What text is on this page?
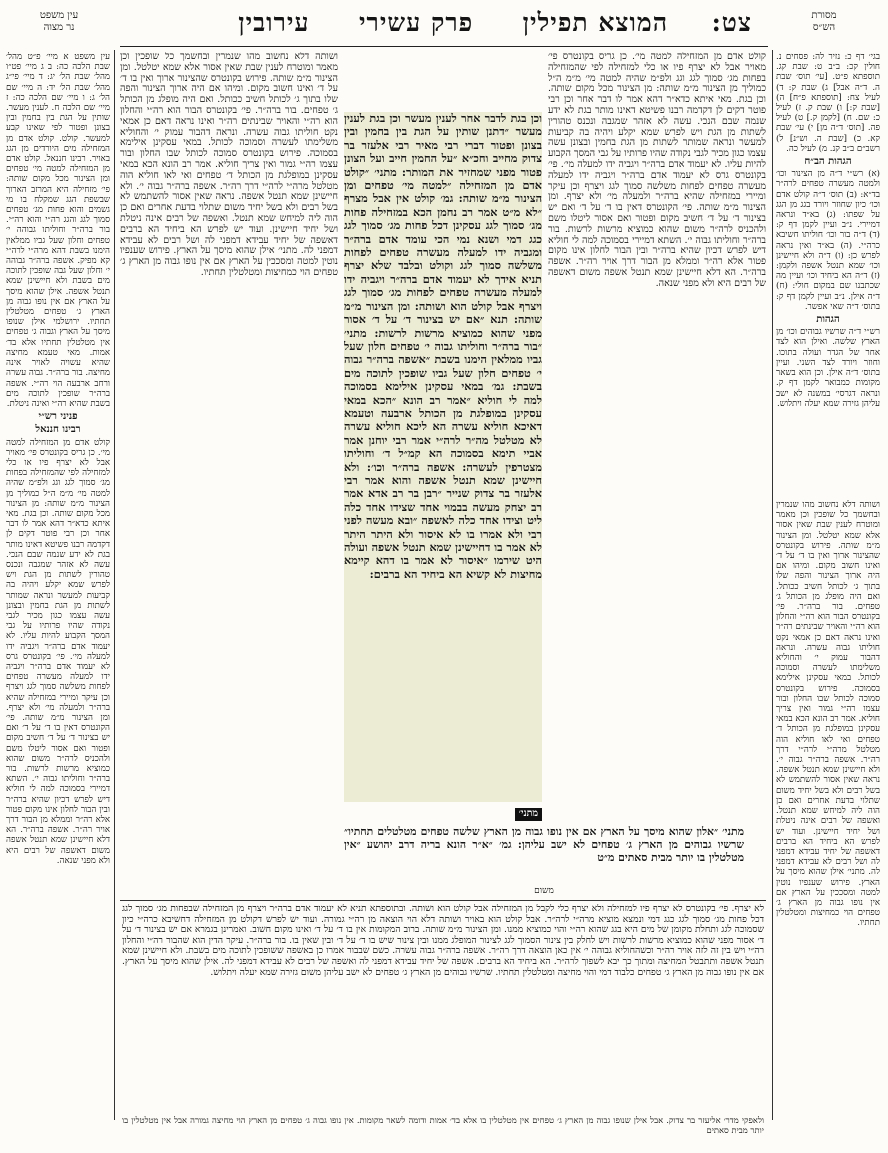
עין משפט
נר מצוה	צט:  המוצא תפילין  פרק עשירי  עירובין	מסורת
הש״ס
בגי׳ דף כ: נזיר לה: פסחים נ. חולין קכ: ב״ב ט: שבת קג. תוספתא פ״ט. [עי׳ תוס׳ שבת ה. ד״ה אבל] ג) שבת ק: ד) לעיל צח: [תוספתא פ״ח] ה) [שבת ק:] ו) שבת ק. ז) לעיל כ: שם. ח) [לקמן ק.] ט) לעיל פה. [תוס׳ ד״ה מן] י) עי׳ שבת קא. כ) [שבת ה. וש״נ] ל) רשב״ם ב״ב קנ. מ) לעיל כה.
הגהות הב״ח
(א) רש״י ד״ה מן הצינור וכו׳ ולמטה מעשרה טפחים לרה״ר בד״א: (ב) תוס׳ ד״ה קולט אדם וכו׳ כיון שחוזר ויורד בגג מן הגג על שפתו: (ג) בא״ד ונראה דמיירי. נ״ב ועיין לקמן דף ק: (ד) ד״ה בור וכו׳ חוליתו חשיבא כרה״י. (ה) בא״ד ואין נראה לפרש כן: (ו) ד״ה ולא חיישינן וכו׳ שמא תנטל אשפה ולקמן: (ז) ד״ה הא ביחיד וכו׳ ועיין מה שכתבנו שם במקום חולי: (ח) ד״ה אילן. נ״ב ועיין לקמן דף ק: בתוס׳ ד״ה שאי אפשר.
הגהות
רש״י ד״ה שרשיו גבוהים וכו׳ מן הארץ שלשה. ואילן הוא לצד אחר של הגדר ועולה בתוכו. וחוזר ויורד לצד השני. ועיין בתוס׳ ד״ה אילן. וכן הוא בשאר מקומות כמבואר לקמן דף ק. ונראה דגרסי׳ במשנה לא ישב עליהן גזירה שמא יעלה ויתלוש.
עין משפט א מיי׳ פ״ט מהל׳ שבת הלכה כה: ב ג מיי׳ פט״ו מהל׳ שבת הל׳ יג: ד מיי׳ פי״ג מהל׳ שבת הל׳ יד: ה מיי׳ שם הל׳ ג: ו מיי׳ שם הלכה כה: ז מיי׳ שם הלכה ח. לענין מעשר. שותין על הגת בין בחמין ובין בצונן ופטור לפי שאינו קבע למעשר. קולט. קולט אדם מן המזחילה מים היורדים מן הגג באויר. רבינו חננאל. קולט אדם מן המזחילה למטה מי׳ טפחים ומן הצינור מכל מקום שותה: פי׳ מזחילה היא המרזב הארוך שבשפת הגג שמקלח בו מי גשמים והוא פחות מג׳ טפחים סמוך לגג והגג רה״י והוא רה״י. בור ברה״ר וחוליתו גבוהה י׳ טפחים וחלון שעל גביו ממלאין הימנו בשבת דהא מרה״י לרה״י קא מפיק. אשפה ברה״ר גבוהה י׳ וחלון שעל גבה שופכין לתוכה מים בשבת ולא חיישינן שמא תנטל אשפה. אילן שהוא מיסך על הארץ אם אין נופו גבוה מן הארץ ג׳ טפחים מטלטלין תחתיו. ירושלמי אילן שנופו מיסך על הארץ וגבוה ג׳ טפחים אין מטלטלין תחתיו אלא בד׳ אמות. מאי טעמא מחיצה שהיא עשויה לאויר אינה מחיצה. בור ברה״ר. גבוה עשרה ורחב ארבעה הוי רה״י. אשפה ברה״ר שופכין לתוכה מים בשבת שהיא רה״י ואינה ניטלת.
פניני רש״י
רבינו חננאל
קולט אדם מן המזחילה למטה מי׳. כן גריס בקונטרס פי׳ מאויר אבל לא יצרף פיו או כלי למזחילה לפי שהמזחילה בפחות מג׳ סמוך לגג וגג ולפ״מ שהיה למטה מי׳ מ״מ ה״ל כמוליך מן הצינור מ״מ שותה: מן הצינור מכל מקום שותה. וכן בגת. מאי איתא כדא״ר דהא אמר לו דבר אחר וכן רבי פוטר דקים לן דקדמה רבנו פשיטא דאינו מותר בגת לא ידע שנמה שבם הנכי. עשה לא אזהר שמגבה ונכנס טהורין לשתות מן הגת ויש לפרש שמא יקלע ויהיה בה קביעות למעשר ונראה שמותר לשתות מן הגת בחמין ובצונן עשה עצמו כגון מכיר לגבי נקודה שהיו פרותיו על גבי המסך הקבוע להיות עליו. לא יעמוד אדם ברה״ר ויגביה ידו למעלה מי׳. פי׳ בקונטרס גרס לא יעמוד אדם ברה״ר ויגביה ידו למעלה מעשרה טפחים לפחות משלשה סמוך לגג ויצרף וכן עיקר ומיירי במזחילה שהיא ברה״ר ולמעלה מי׳ ולא יצרף. ומן הצינור מ״מ שותה. פי׳ הקונטרס דאין בו ד׳ על ד׳ ואם יש בצינור ד׳ על ד׳ חשיב מקום ופטור ואם אסור ליטלו משם ולהכניס לרה״ר משום שהוא כמוציא מרשות לרשות. בור ברה״ר וחוליתו גבוה י׳. השתא דמיירי בסמוכה למה לי חוליא דיש לפרש דכיון שהיא ברה״ר ובין הבור לחלון אינו מקום פטור אלא רה״ר וממלא מן הבור דרך אויר רה״ר. אשפה ברה״ר. הא דלא חיישינן שמא תנטל אשפה משום דאשפה של רבים היא ולא מפני שנאה.
קולט אדם מן המזחילה למטה מי׳. כן גריס בקונטרס פי׳ מאויר אבל לא יצרף פיו או כלי למזחילה לפי שהמזחילה בפחות מג׳ סמוך לגג וגג ולפ״מ שהיה למטה מי׳ מ״מ ה״ל כמוליך מן הצינור מ״מ שותה: מן הצינור מכל מקום שותה. וכן בגת. מאי איתא כדא״ר דהא אמר לו דבר אחר וכן רבי פוטר דקים לן דקדמה רבנו פשיטא דאינו מותר בגת לא ידע שנמה שבם הנכי. עשה לא אזהר שמגבה ונכנס טהורין לשתות מן הגת ויש לפרש שמא יקלע ויהיה בה קביעות למעשר ונראה שמותר לשתות מן הגת בחמין ובצונן עשה עצמו כגון מכיר לגבי נקודה שהיו פרותיו על גבי המסך הקבוע להיות עליו. לא יעמוד אדם ברה״ר ויגביה ידו למעלה מי׳. פי׳ בקונטרס גרס לא יעמוד אדם ברה״ר ויגביה ידו למעלה מעשרה טפחים לפחות משלשה סמוך לגג ויצרף וכן עיקר ומיירי במזחילה שהיא ברה״ר ולמעלה מי׳ ולא יצרף. ומן הצינור מ״מ שותה. פי׳ הקונטרס דאין בו ד׳ על ד׳ ואם יש בצינור ד׳ על ד׳ חשיב מקום ופטור ואם אסור ליטלו משם ולהכניס לרה״ר משום שהוא כמוציא מרשות לרשות. בור ברה״ר וחוליתו גבוה י׳. השתא דמיירי בסמוכה למה לי חוליא דיש לפרש דכיון שהיא ברה״ר ובין הבור לחלון אינו מקום פטור אלא רה״ר וממלא מן הבור דרך אויר רה״ר. אשפה ברה״ר. הא דלא חיישינן שמא תנטל אשפה משום דאשפה של רבים היא ולא מפני שנאה.
ושותה דלא נחשוב מהו שנמרין ובחשמך כל שופכין וכן מאמר ומוטרח לענין שבת שאין אסור אלא שמא יטלטל. ומן הצינור מ״מ שותה. פירוש בקונטרס שהצינור ארוך ואין בו ד׳ על ד׳ ואינו חשוב מקום. ומיהו אם היה ארוך הצינור והפה שלו בתוך ג׳ לכותל חשיב ככותל. ואם היה מופלג מן הכותל ג׳ טפחים. בור ברה״ר. פי׳ בקונטרס הבור הוא רה״י והחלון הוא רה״י והאויר שבינתים רה״ר ואינו נראה דאם כן אמאי נקט חוליתו גבוה עשרה. ונראה דהבור עמוק י׳ והחוליא משלימתו לעשרה וסמוכה לכותל. במאי עסקינן אילימא בסמוכה. פירוש בקונטרס סמוכה לכותל שבו החלון ובור עצמו רה״י גמור ואין צריך חוליא. אמר רב הונא הכא במאי עסקינן במופלגת מן הכותל ד׳ טפחים ואי לאו חוליא הוה מטלטל מרה״י לרה״י דרך רה״ר. אשפה ברה״ר גבוה י׳. ולא חיישינן שמא תנטל אשפה. נראה שאין אסור להשתמש לא בשל רבים ולא בשל יחיד משום שתלוי בדעת אחרים ואם כן הוה ליה למיחש שמא תנטל. ואשפה של רבים אינה ניטלת ושל יחיד חיישינן. ועוד יש לפרש הא ביחיד הא ברבים דאשפה של יחיד עבידא דמפני לה ושל רבים לא עבידא דמפני לה. מתני׳ אילן שהוא מיסך על הארץ. פירוש שענפיו נוטין למטה ומסככין על הארץ אם אין נופו גבוה מן הארץ ג׳ טפחים הוי כמחיצות ומטלטלין תחתיו.
וכן בגת לדבר אחר לענין מעשר וכן בגת לענין מעשר ״דתנן שותין על הגת בין בחמין ובין בצונן ופטור דברי רבי מאיר רבי אלעזר בר צדוק מחייב וחכ״א ״על החמין חייב ועל הצונן פטור מפני שמחזיר את המותר: מתני׳ ״קולט אדם מן המזחילה ״למטה מי׳ טפחים ומן הצינור מ״מ שותה: גמ׳ קולט אין אבל מצרף ״לא מ״ט אמר רב נחמן הכא במזחילה פחות מג׳ סמוך לגג עסקינן דכל פחות מג׳ סמוך לגג כגג דמי ושנא נמי הכי עומד אדם ברה״ר ומגביה ידו למעלה מעשרה טפחים לפחות משלשה סמוך לגג וקולט ובלבד שלא יצרף תניא אידך לא יעמוד אדם ברה״ר ויגביה ידו למעלה מעשרה טפחים לפחות מג׳ סמוך לגג ויצרף אבל קולט הוא ושותה: ומן הצינור מ״מ שותה: תנא ״אם יש בצינור ד׳ על ד׳ אסור מפני שהוא כמוציא מרשות לרשות: מתני׳ ״בור ברה״ר וחוליתו גבוה י׳ טפחים חלון שעל גביו ממלאין הימנו בשבת ״אשפה ברה״ר גבוה י׳ טפחים חלון שעל גביו שופכין לתוכה מים בשבת: גמ׳ במאי עסקינן אילימא בסמוכה למה לי חוליא ״אמר רב הונא ״הכא במאי עסקינן במופלגת מן הכותל ארבעה וטעמא דאיכא חוליא עשרה הא ליכא חוליא עשרה לא מטלטל מה״ר לרה״י אמר רבי יוחנן אמר אביי תימא בסמוכה הא קמ״ל ד׳ וחוליתו מצטרפין לעשרה: אשפה ברה״ר וכו׳: ולא חיישינן שמא תנטל אשפה והוא אמר רבי אלעזר בר צדוק שנייר ״רבן בר רב אדא אמר רב יצחק מעשה בבמוי אחד שצידו אחד כלה ליט וצידו אחד כלה לאשפה ״ובא מעשה לפני רבי ולא אמרו בו לא איסור ולא היתר היתר לא אמר בו דחיישינן שמא תנטל אשפה ועולה היט שירמו ״איסור לא אמר בו דהא קיימא מחיצות לא קשיא הא ביחיד הא ברבים:
מתני׳
מתני׳ ״אלון שהוא מיסך על הארץ אם אין נופו גבוה מן הארץ שלשה טפחים מטלטלים תחתיו״ שרשיו גבוהים מן הארץ ג׳ טפחים לא ישב עליהן: גמ׳ ״א״ר הונא בריה דרב יהושע ״אין מטלטלין בו יותר מבית סאתים מ״ט
משום
לא יצרף. פי׳ בקונטרס לא יצרף פיו למזחילה ולא יצרף כלי לקבל מן המזחילה אבל קולט הוא ושותה. ובתוספתא תניא לא יעמוד אדם ברה״ר ויצרף מן המזחילה שבפחות מג׳ סמוך לגג דכל פחות מג׳ סמוך לגג כגג דמי ונמצא מוציא מרה״י לרה״ר. אבל קולט הוא באויר ושותה דלא הוי הוצאה מן רה״י גמורה. ועוד יש לפרש דקולט מן המזחילה דחשיבא כרה״י כיון שסמוכה לגג ותחלת מקומן של מים היא בגג שהוא רה״י והוי כמוציא ממנו. ומן הצינור מ״מ שותה. ברוב המקומות אין בו ד׳ על ד׳ ואינו מקום חשוב. ואמרינן בגמרא אם יש בצינור ד׳ על ד׳ אסור מפני שהוא כמוציא מרשות לרשות ויש לחלק בין צינור הסמוך לגג לצינור המופלג ממנו ובין צינור שיש בו ד׳ על ד׳ ובין שאין בו. בור ברה״ר. עיקר הדין הוא שהבור רה״י והחלון רה״י ויש בין זה לזה אויר רה״ר וכשהחוליא גבוהה י׳ אין כאן הוצאה דרך רה״ר. אשפה ברה״ר גבוה עשרה. כשם שבבור אמרו כן באשפה ששופכין לתוכה מים בשבת. ולא חיישינן שמא תנטל אשפה ותתבטל המחיצה ומתוך כך יבא לשפוך לרה״ר. הא ביחיד הא ברבים. אשפה של יחיד עבידא דמפני לה ואשפה של רבים לא עבידא דמפני לה. אילן שהוא מיסך על הארץ. אם אין נופו גבוה מן הארץ ג׳ טפחים כלבוד דמי והוי מחיצה ומטלטלין תחתיו. שרשיו גבוהים מן הארץ ג׳ טפחים לא ישב עליהן משום גזירה שמא יעלה ויתלוש.
ולאפקי מדר׳ אליעזר בר צדוק. אבל אילן שנופו גבוה מן הארץ ג׳ טפחים אין מטלטלין בו אלא בד׳ אמות ודומה לשאר מקומות. אין נופו גבוה ג׳ טפחים מן הארץ הוי מחיצה גמורה אבל אין מטלטלין בו יותר מבית סאתים
ושותה דלא נחשוב מהו שנמרין ובחשמך כל שופכין וכן מאמר ומוטרח לענין שבת שאין אסור אלא שמא יטלטל. ומן הצינור מ״מ שותה. פירוש בקונטרס שהצינור ארוך ואין בו ד׳ על ד׳ ואינו חשוב מקום. ומיהו אם היה ארוך הצינור והפה שלו בתוך ג׳ לכותל חשיב ככותל. ואם היה מופלג מן הכותל ג׳ טפחים. בור ברה״ר. פי׳ בקונטרס הבור הוא רה״י והחלון הוא רה״י והאויר שבינתים רה״ר ואינו נראה דאם כן אמאי נקט חוליתו גבוה עשרה. ונראה דהבור עמוק י׳ והחוליא משלימתו לעשרה וסמוכה לכותל. במאי עסקינן אילימא בסמוכה. פירוש בקונטרס סמוכה לכותל שבו החלון ובור עצמו רה״י גמור ואין צריך חוליא. אמר רב הונא הכא במאי עסקינן במופלגת מן הכותל ד׳ טפחים ואי לאו חוליא הוה מטלטל מרה״י לרה״י דרך רה״ר. אשפה ברה״ר גבוה י׳. ולא חיישינן שמא תנטל אשפה. נראה שאין אסור להשתמש לא בשל רבים ולא בשל יחיד משום שתלוי בדעת אחרים ואם כן הוה ליה למיחש שמא תנטל. ואשפה של רבים אינה ניטלת ושל יחיד חיישינן. ועוד יש לפרש הא ביחיד הא ברבים דאשפה של יחיד עבידא דמפני לה ושל רבים לא עבידא דמפני לה. מתני׳ אילן שהוא מיסך על הארץ. פירוש שענפיו נוטין למטה ומסככין על הארץ אם אין נופו גבוה מן הארץ ג׳ טפחים הוי כמחיצות ומטלטלין תחתיו.
